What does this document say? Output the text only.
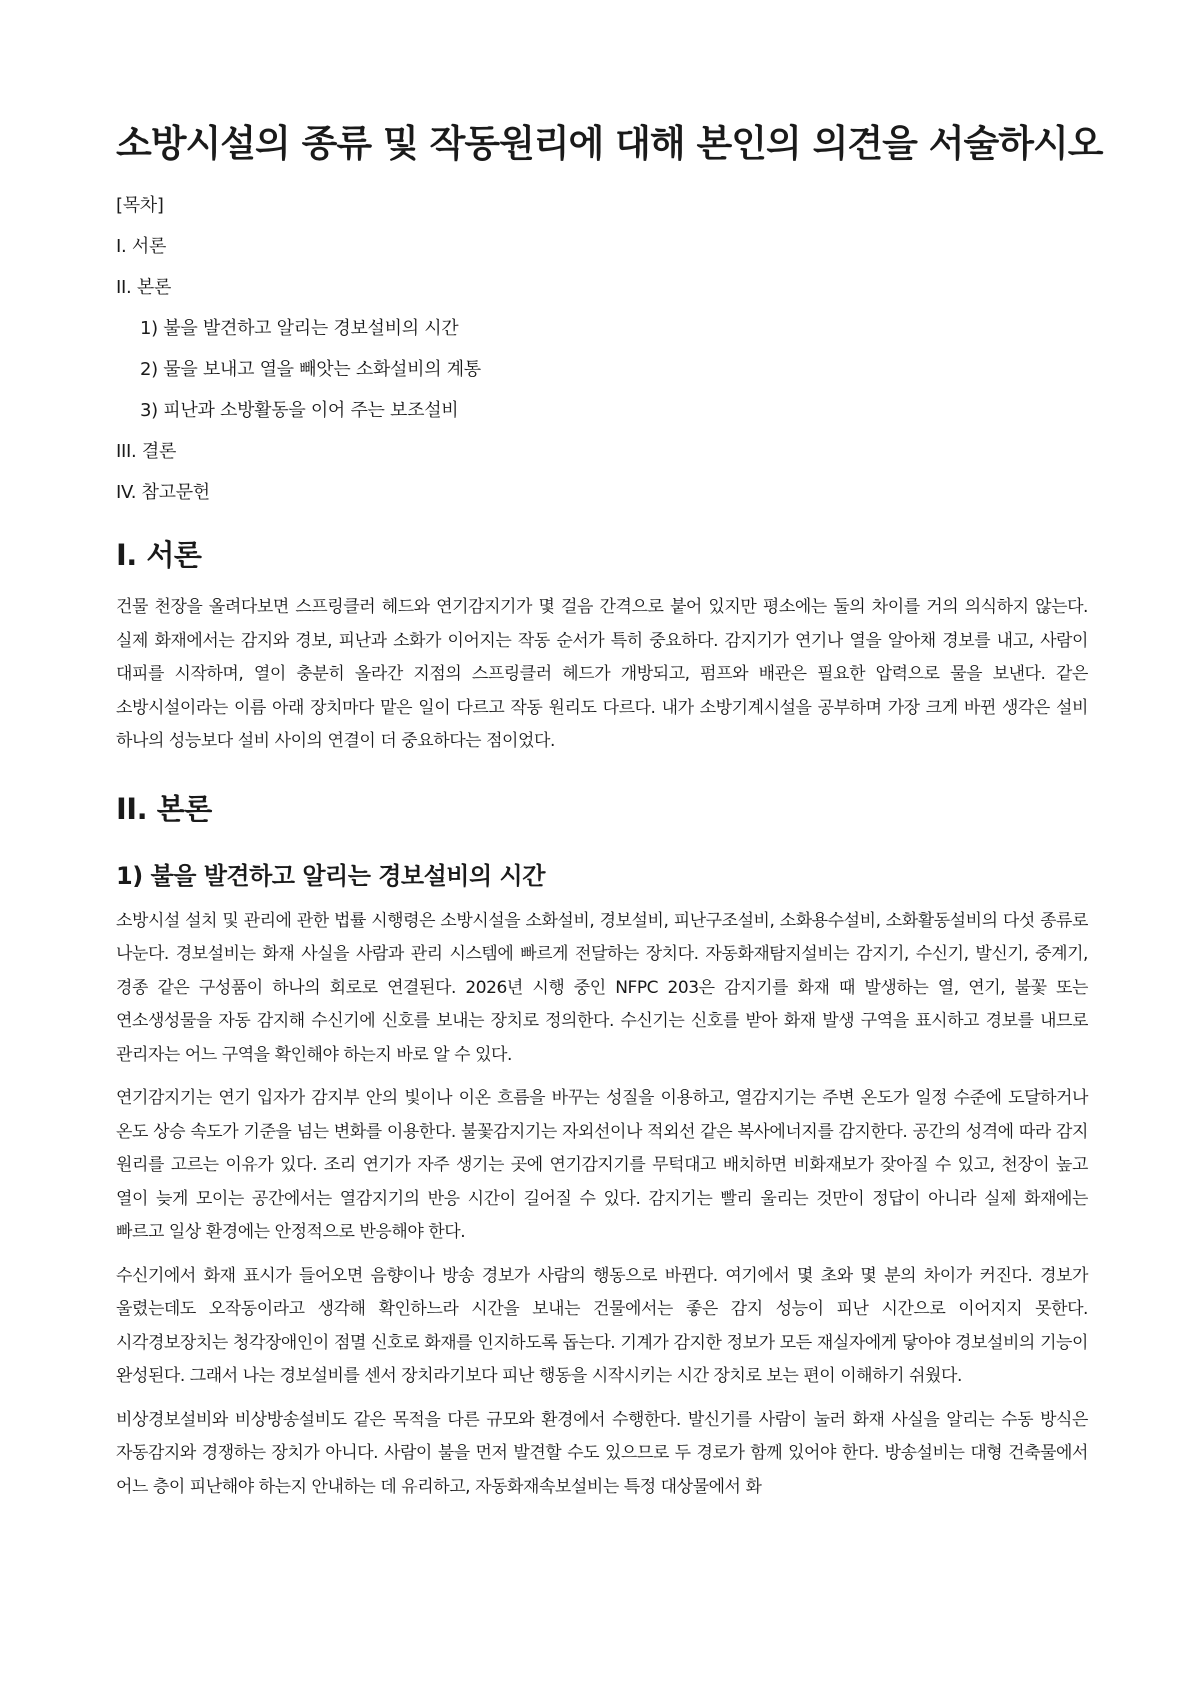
소방시설의 종류 및 작동원리에 대해 본인의 의견을 서술하시오
[목차]
I. 서론
II. 본론
1) 불을 발견하고 알리는 경보설비의 시간
2) 물을 보내고 열을 빼앗는 소화설비의 계통
3) 피난과 소방활동을 이어 주는 보조설비
III. 결론
IV. 참고문헌
I. 서론

건물 천장을 올려다보면 스프링클러 헤드와 연기감지기가 몇 걸음 간격으로 붙어 있지만 평소에는 둘의 차이를 거의 의식하지 않는다. 실제 화재에서는 감지와 경보, 피난과 소화가 이어지는 작동 순서가 특히 중요하다. 감지기가 연기나 열을 알아채 경보를 내고, 사람이 대피를 시작하며, 열이 충분히 올라간 지점의 스프링클러 헤드가 개방되고, 펌프와 배관은 필요한 압력으로 물을 보낸다. 같은 소방시설이라는 이름 아래 장치마다 맡은 일이 다르고 작동 원리도 다르다. 내가 소방기계시설을 공부하며 가장 크게 바뀐 생각은 설비 하나의 성능보다 설비 사이의 연결이 더 중요하다는 점이었다.

II. 본론
1) 불을 발견하고 알리는 경보설비의 시간

소방시설 설치 및 관리에 관한 법률 시행령은 소방시설을 소화설비, 경보설비, 피난구조설비, 소화용수설비, 소화활동설비의 다섯 종류로 나눈다. 경보설비는 화재 사실을 사람과 관리 시스템에 빠르게 전달하는 장치다. 자동화재탐지설비는 감지기, 수신기, 발신기, 중계기, 경종 같은 구성품이 하나의 회로로 연결된다. 2026년 시행 중인 NFPC 203은 감지기를 화재 때 발생하는 열, 연기, 불꽃 또는 연소생성물을 자동 감지해 수신기에 신호를 보내는 장치로 정의한다. 수신기는 신호를 받아 화재 발생 구역을 표시하고 경보를 내므로 관리자는 어느 구역을 확인해야 하는지 바로 알 수 있다.

연기감지기는 연기 입자가 감지부 안의 빛이나 이온 흐름을 바꾸는 성질을 이용하고, 열감지기는 주변 온도가 일정 수준에 도달하거나 온도 상승 속도가 기준을 넘는 변화를 이용한다. 불꽃감지기는 자외선이나 적외선 같은 복사에너지를 감지한다. 공간의 성격에 따라 감지 원리를 고르는 이유가 있다. 조리 연기가 자주 생기는 곳에 연기감지기를 무턱대고 배치하면 비화재보가 잦아질 수 있고, 천장이 높고 열이 늦게 모이는 공간에서는 열감지기의 반응 시간이 길어질 수 있다. 감지기는 빨리 울리는 것만이 정답이 아니라 실제 화재에는 빠르고 일상 환경에는 안정적으로 반응해야 한다.

수신기에서 화재 표시가 들어오면 음향이나 방송 경보가 사람의 행동으로 바뀐다. 여기에서 몇 초와 몇 분의 차이가 커진다. 경보가 울렸는데도 오작동이라고 생각해 확인하느라 시간을 보내는 건물에서는 좋은 감지 성능이 피난 시간으로 이어지지 못한다. 시각경보장치는 청각장애인이 점멸 신호로 화재를 인지하도록 돕는다. 기계가 감지한 정보가 모든 재실자에게 닿아야 경보설비의 기능이 완성된다. 그래서 나는 경보설비를 센서 장치라기보다 피난 행동을 시작시키는 시간 장치로 보는 편이 이해하기 쉬웠다.

비상경보설비와 비상방송설비도 같은 목적을 다른 규모와 환경에서 수행한다. 발신기를 사람이 눌러 화재 사실을 알리는 수동 방식은 자동감지와 경쟁하는 장치가 아니다. 사람이 불을 먼저 발견할 수도 있으므로 두 경로가 함께 있어야 한다. 방송설비는 대형 건축물에서 어느 층이 피난해야 하는지 안내하는 데 유리하고, 자동화재속보설비는 특정 대상물에서 화
